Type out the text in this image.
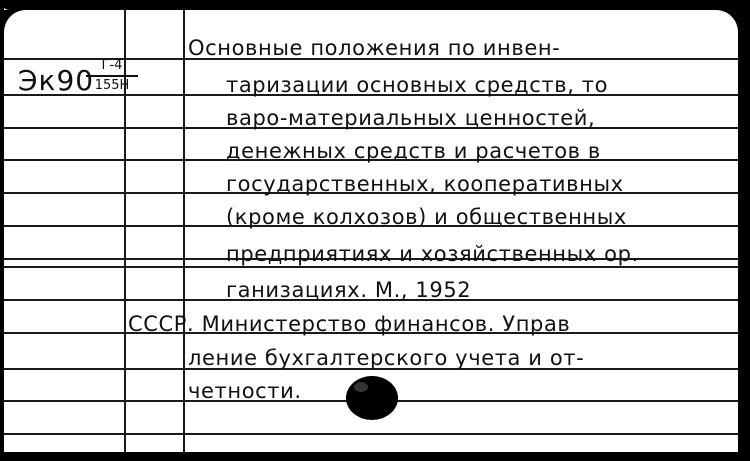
Эк90 Г-4
155Н
Основные положения по инвен-
таризации основных средств, то
варо-материальных ценностей,
денежных средств и расчетов в
государственных, кооперативных
(кроме колхозов) и общественных
предприятиях и хозяйственных ор.
ганизациях. М., 1952
СССР. Министерство финансов. Управ
ление бухгалтерского учета и от-
четности.
